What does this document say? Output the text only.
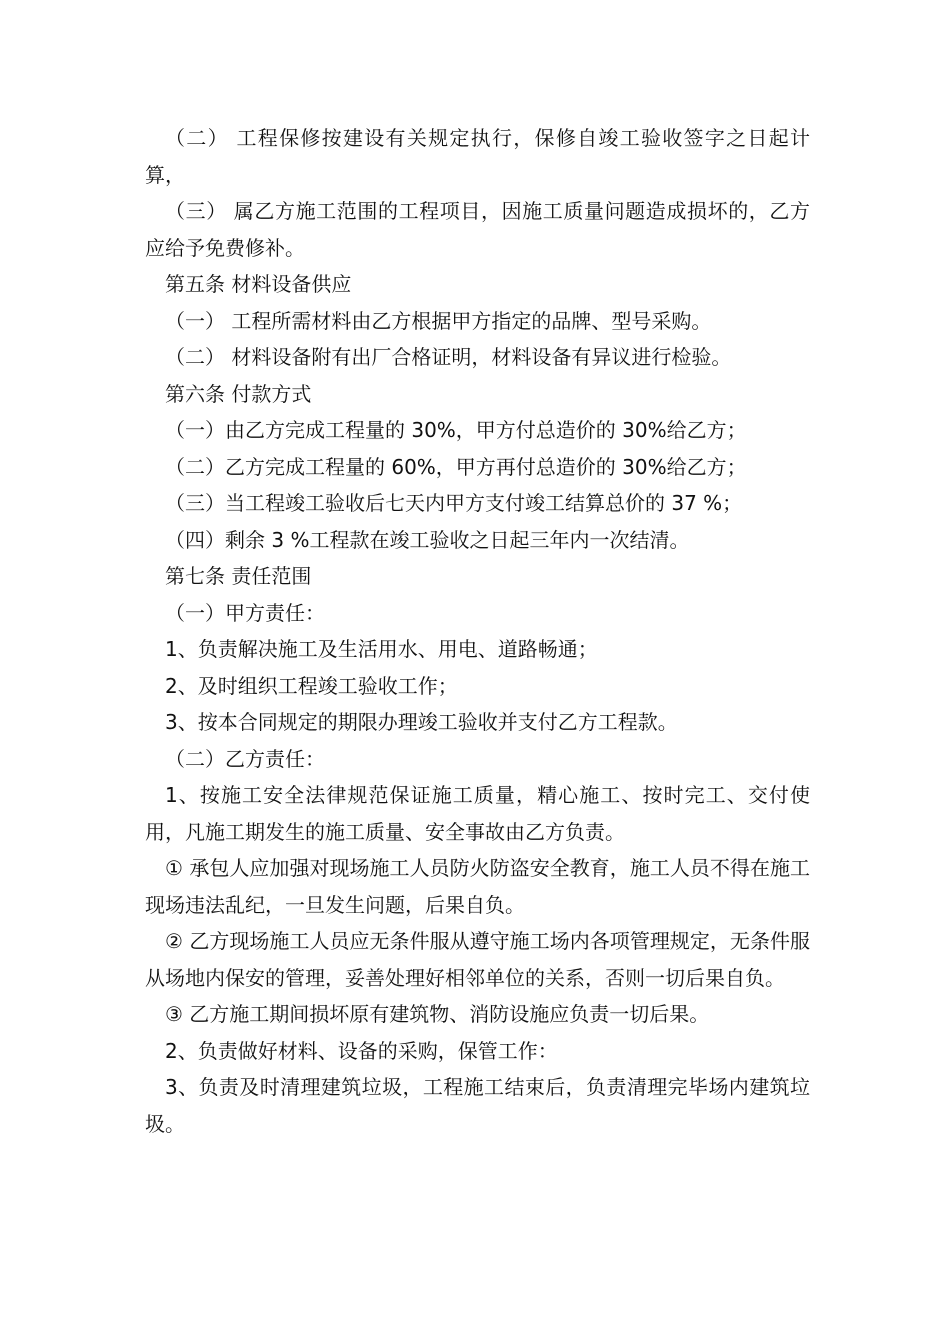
（二） 工程保修按建设有关规定执行，保修自竣工验收签字之日起计算，

（三） 属乙方施工范围的工程项目，因施工质量问题造成损坏的，乙方应给予免费修补。

第五条 材料设备供应

（一） 工程所需材料由乙方根据甲方指定的品牌、型号采购。

（二） 材料设备附有出厂合格证明，材料设备有异议进行检验。

第六条 付款方式

（一）由乙方完成工程量的 30%，甲方付总造价的 30%给乙方；

（二）乙方完成工程量的 60%，甲方再付总造价的 30%给乙方；

（三）当工程竣工验收后七天内甲方支付竣工结算总价的 37 %；

（四）剩余 3 %工程款在竣工验收之日起三年内一次结清。

第七条 责任范围

（一）甲方责任：

1、负责解决施工及生活用水、用电、道路畅通；

2、及时组织工程竣工验收工作；

3、按本合同规定的期限办理竣工验收并支付乙方工程款。

（二）乙方责任：

1、按施工安全法律规范保证施工质量，精心施工、按时完工、交付使用，凡施工期发生的施工质量、安全事故由乙方负责。

① 承包人应加强对现场施工人员防火防盗安全教育，施工人员不得在施工现场违法乱纪，一旦发生问题，后果自负。

② 乙方现场施工人员应无条件服从遵守施工场内各项管理规定，无条件服从场地内保安的管理，妥善处理好相邻单位的关系，否则一切后果自负。

③ 乙方施工期间损坏原有建筑物、消防设施应负责一切后果。

2、负责做好材料、设备的采购，保管工作：

3、负责及时清理建筑垃圾，工程施工结束后，负责清理完毕场内建筑垃圾。
